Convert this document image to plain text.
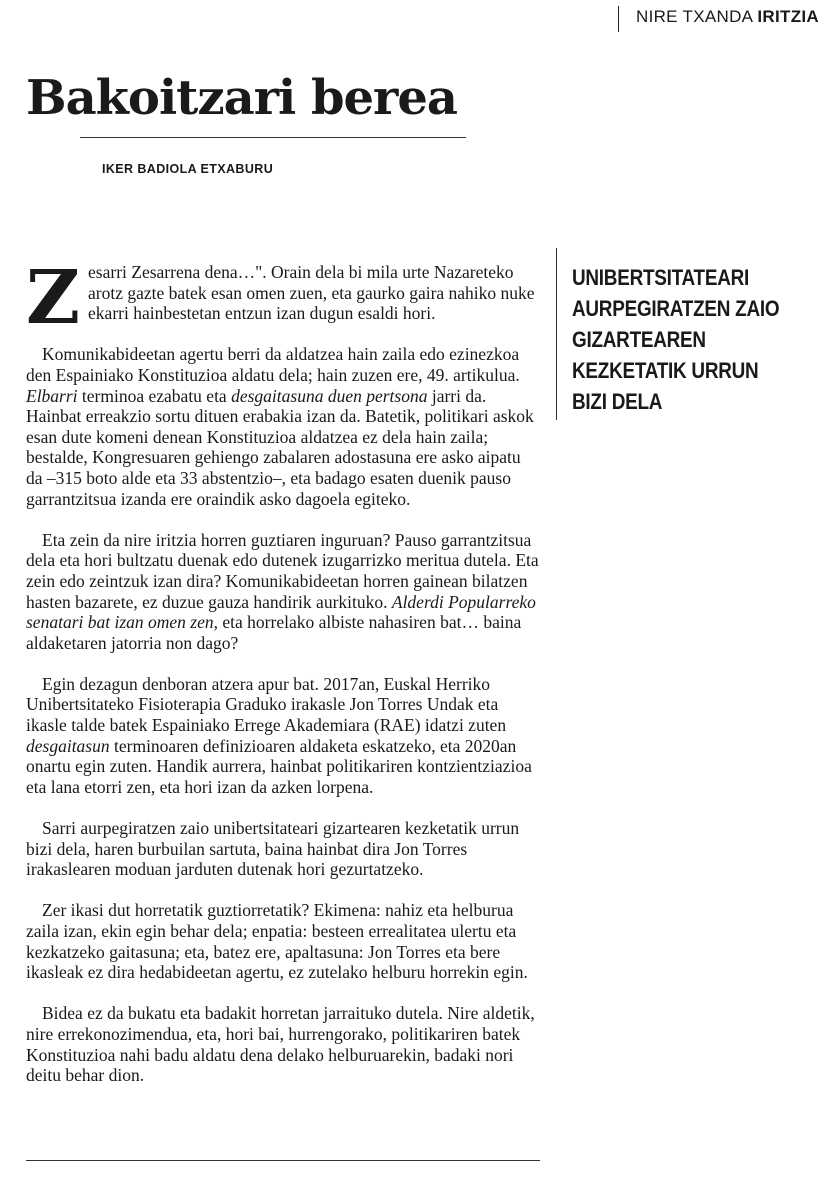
NIRE TXANDA IRITZIA
Bakoitzari berea
IKER BADIOLA ETXABURU

Zesarri Zesarrena dena…". Orain dela bi mila urte Nazareteko arotz gazte batek esan omen zuen, eta gaurko gaira nahiko nuke ekarri hainbestetan entzun izan dugun esaldi hori.

Komunikabideetan agertu berri da aldatzea hain zaila edo ezinezkoa den Espainiako Konstituzioa aldatu dela; hain zuzen ere, 49. artikulua. Elbarri terminoa ezabatu eta desgaitasuna duen pertsona jarri da. Hainbat erreakzio sortu dituen erabakia izan da. Batetik, politikari askok esan dute komeni denean Konstituzioa aldatzea ez dela hain zaila; bestalde, Kongresuaren gehiengo zabalaren adostasuna ere asko aipatu da –315 boto alde eta 33 abstentzio–, eta badago esaten duenik pauso garrantzitsua izanda ere oraindik asko dagoela egiteko.

Eta zein da nire iritzia horren guztiaren inguruan? Pauso garrantzitsua dela eta hori bultzatu duenak edo dutenek izugarrizko meritua dutela. Eta zein edo zeintzuk izan dira? Komunikabideetan horren gainean bilatzen hasten bazarete, ez duzue gauza handirik aurkituko. Alderdi Popularreko senatari bat izan omen zen, eta horrelako albiste nahasiren bat… baina aldaketaren jatorria non dago?

Egin dezagun denboran atzera apur bat. 2017an, Euskal Herriko Unibertsitateko Fisioterapia Graduko irakasle Jon Torres Undak eta ikasle talde batek Espainiako Errege Akademiara (RAE) idatzi zuten desgaitasun terminoaren definizioaren aldaketa eskatzeko, eta 2020an onartu egin zuten. Handik aurrera, hainbat politikariren kontzientziazioa eta lana etorri zen, eta hori izan da azken lorpena.

Sarri aurpegiratzen zaio unibertsitateari gizartearen kezketatik urrun bizi dela, haren burbuilan sartuta, baina hainbat dira Jon Torres irakaslearen moduan jarduten dutenak hori gezurtatzeko.

Zer ikasi dut horretatik guztiorretatik? Ekimena: nahiz eta helburua zaila izan, ekin egin behar dela; enpatia: besteen errealitatea ulertu eta kezkatzeko gaitasuna; eta, batez ere, apaltasuna: Jon Torres eta bere ikasleak ez dira hedabideetan agertu, ez zutelako helburu horrekin egin.

Bidea ez da bukatu eta badakit horretan jarraituko dutela. Nire aldetik, nire errekonozimendua, eta, hori bai, hurrengorako, politikariren batek Konstituzioa nahi badu aldatu dena delako helburuarekin, badaki nori deitu behar dion.

UNIBERTSITATEARI AURPEGIRATZEN ZAIO GIZARTEAREN KEZKETATIK URRUN BIZI DELA
